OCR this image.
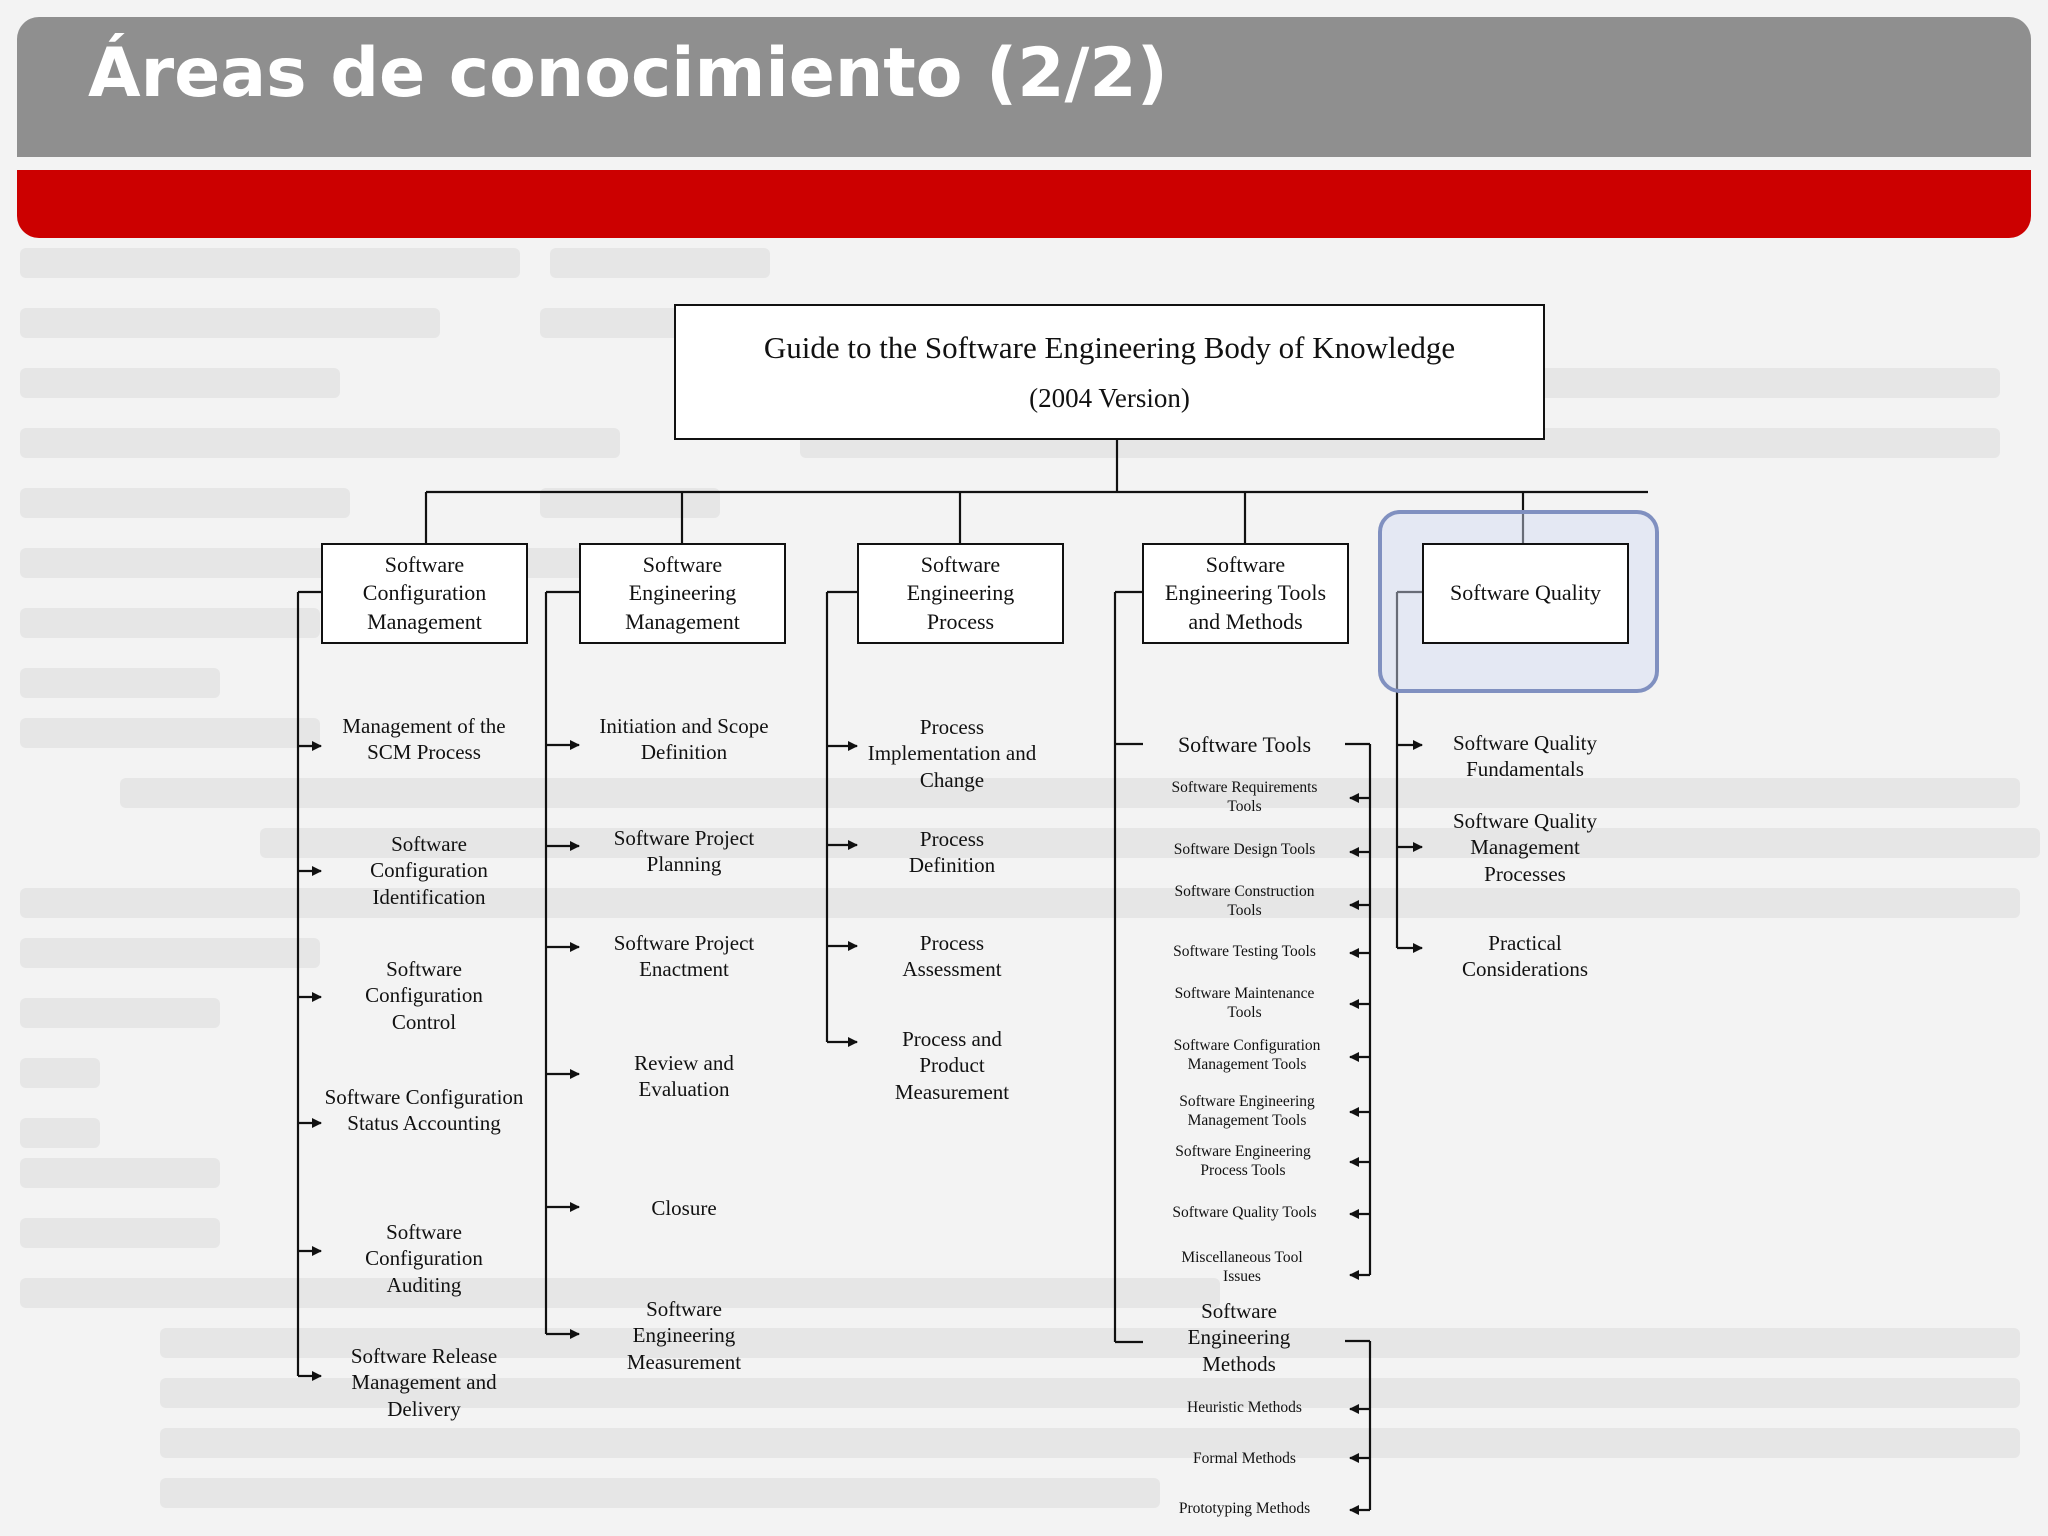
Áreas de conocimiento (2/2)
Guide to the Software Engineering Body of Knowledge
(2004 Version)
Software Configuration Management
Software Engineering Management
Software Engineering Process
Software Engineering Tools and Methods
Software Quality
Management of the SCM Process
Software Configuration Identification
Software Configuration Control
Software Configuration Status Accounting
Software Configuration Auditing
Software Release Management and Delivery
Initiation and Scope Definition
Software Project Planning
Software Project Enactment
Review and Evaluation
Closure
Software Engineering Measurement
Process Implementation and Change
Process Definition
Process Assessment
Process and Product Measurement
Software Tools
Software Requirements Tools
Software Design Tools
Software Construction Tools
Software Testing Tools
Software Maintenance Tools
Software Configuration Management Tools
Software Engineering Management Tools
Software Engineering Process Tools
Software Quality Tools
Miscellaneous Tool Issues
Software Engineering Methods
Heuristic Methods
Formal Methods
Prototyping Methods
Software Quality Fundamentals
Software Quality Management Processes
Practical Considerations
